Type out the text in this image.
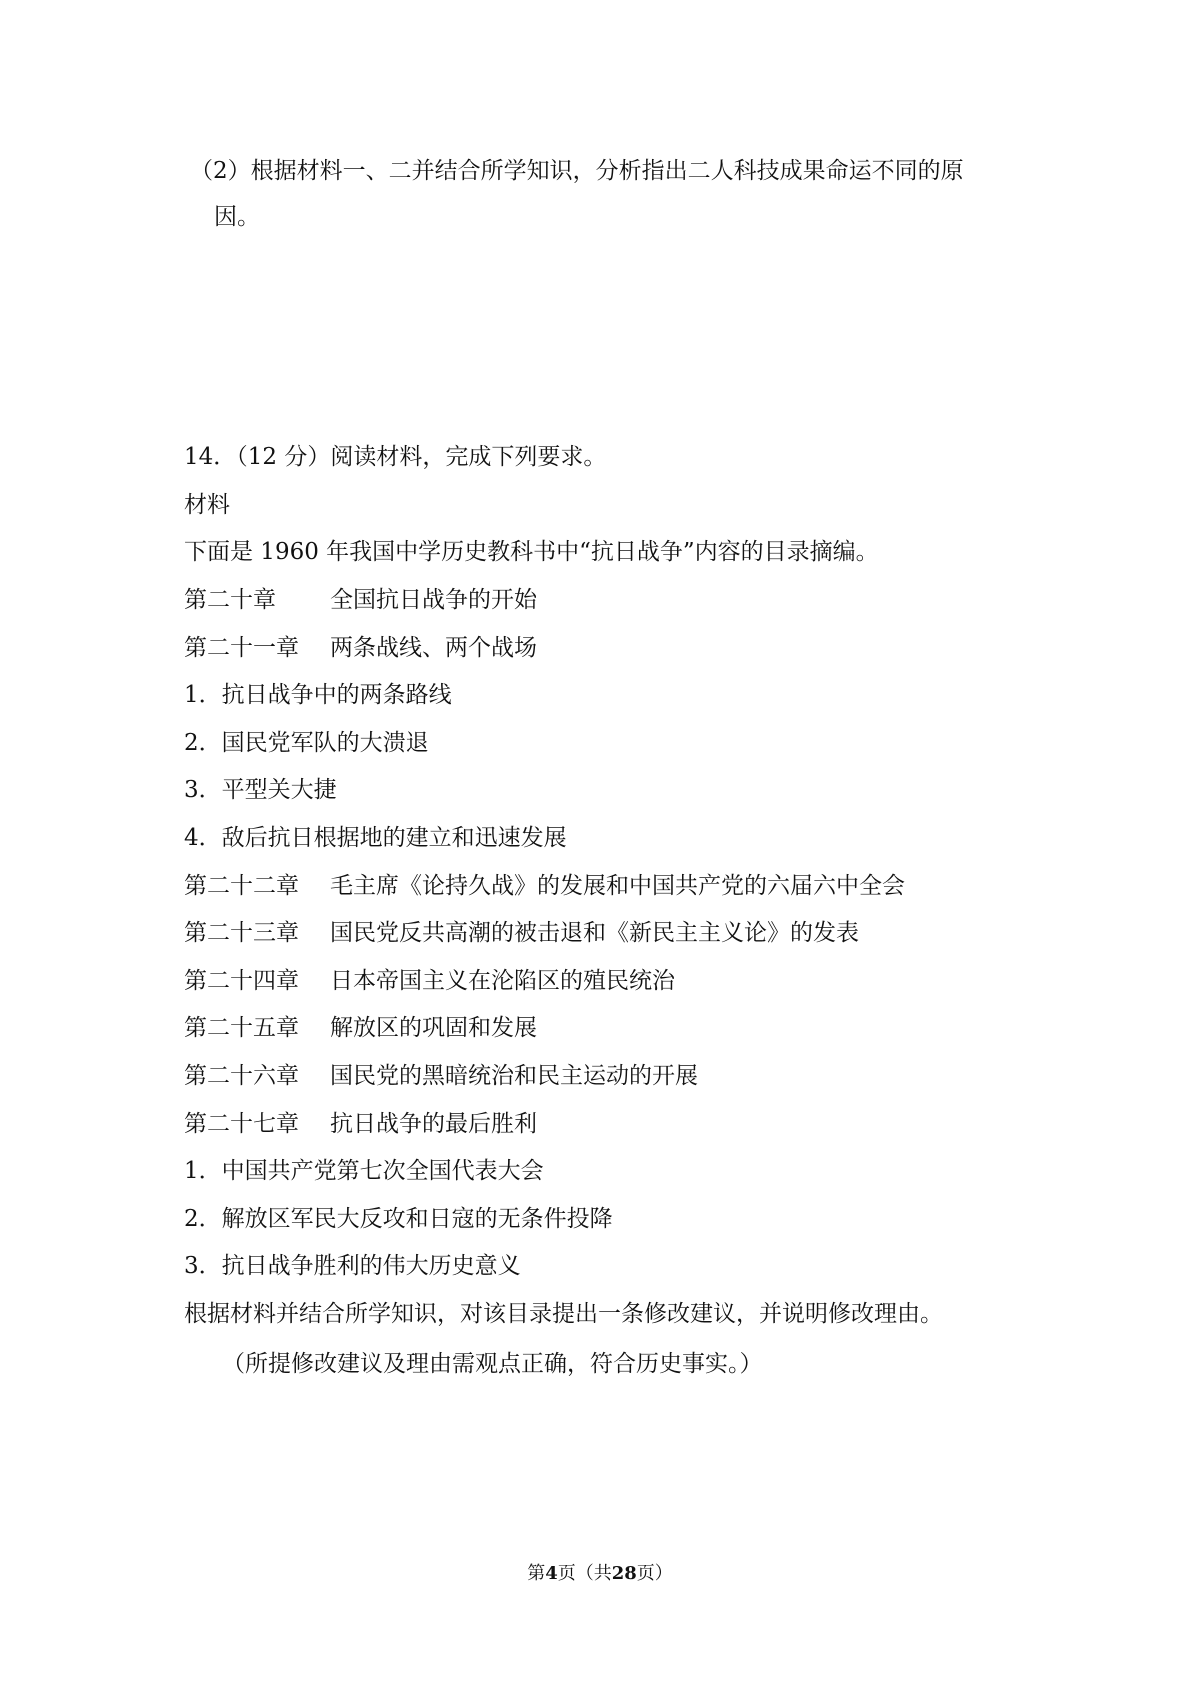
（2）根据材料一、二并结合所学知识，分析指出二人科技成果命运不同的原
因。
14．（12 分）阅读材料，完成下列要求。
材料
下面是 1960 年我国中学历史教科书中“抗日战争”内容的目录摘编。
第二十章 全国抗日战争的开始
第二十一章 两条战线、两个战场
1．抗日战争中的两条路线
2．国民党军队的大溃退
3．平型关大捷
4．敌后抗日根据地的建立和迅速发展
第二十二章 毛主席《论持久战》的发展和中国共产党的六届六中全会
第二十三章 国民党反共高潮的被击退和《新民主主义论》的发表
第二十四章 日本帝国主义在沦陷区的殖民统治
第二十五章 解放区的巩固和发展
第二十六章 国民党的黑暗统治和民主运动的开展
第二十七章 抗日战争的最后胜利
1．中国共产党第七次全国代表大会
2．解放区军民大反攻和日寇的无条件投降
3．抗日战争胜利的伟大历史意义
根据材料并结合所学知识，对该目录提出一条修改建议，并说明修改理由。
（所提修改建议及理由需观点正确，符合历史事实。）
第4页（共28页）
